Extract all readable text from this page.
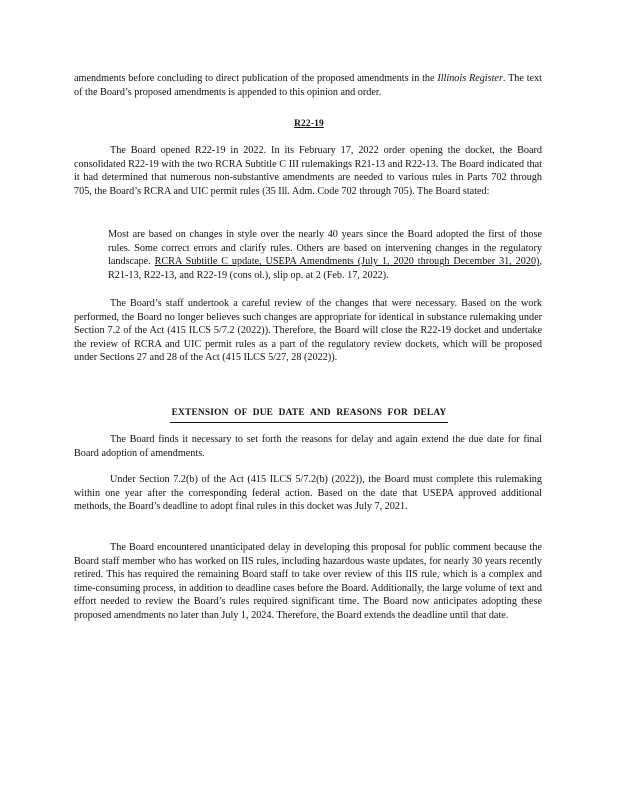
amendments before concluding to direct publication of the proposed amendments in the Illinois Register. The text of the Board’s proposed amendments is appended to this opinion and order.

R22-19

The Board opened R22-19 in 2022. In its February 17, 2022 order opening the docket, the Board consolidated R22-19 with the two RCRA Subtitle C III rulemakings R21-13 and R22-13. The Board indicated that it had determined that numerous non-substantive amendments are needed to various rules in Parts 702 through 705, the Board’s RCRA and UIC permit rules (35 Ill. Adm. Code 702 through 705). The Board stated:

Most are based on changes in style over the nearly 40 years since the Board adopted the first of those rules. Some correct errors and clarify rules. Others are based on intervening changes in the regulatory landscape. RCRA Subtitle C update, USEPA Amendments (July 1, 2020 through December 31, 2020), R21-13, R22-13, and R22-19 (cons ol.), slip op. at 2 (Feb. 17, 2022).

The Board’s staff undertook a careful review of the changes that were necessary. Based on the work performed, the Board no longer believes such changes are appropriate for identical in substance rulemaking under Section 7.2 of the Act (415 ILCS 5/7.2 (2022)). Therefore, the Board will close the R22-19 docket and undertake the review of RCRA and UIC permit rules as a part of the regulatory review dockets, which will be proposed under Sections 27 and 28 of the Act (415 ILCS 5/27, 28 (2022)).

EXTENSION OF DUE DATE AND REASONS FOR DELAY

The Board finds it necessary to set forth the reasons for delay and again extend the due date for final Board adoption of amendments.

Under Section 7.2(b) of the Act (415 ILCS 5/7.2(b) (2022)), the Board must complete this rulemaking within one year after the corresponding federal action. Based on the date that USEPA approved additional methods, the Board’s deadline to adopt final rules in this docket was July 7, 2021.

The Board encountered unanticipated delay in developing this proposal for public comment because the Board staff member who has worked on IIS rules, including hazardous waste updates, for nearly 30 years recently retired. This has required the remaining Board staff to take over review of this IIS rule, which is a complex and time-consuming process, in addition to deadline cases before the Board. Additionally, the large volume of text and effort needed to review the Board’s rules required significant time. The Board now anticipates adopting these proposed amendments no later than July 1, 2024. Therefore, the Board extends the deadline until that date.
